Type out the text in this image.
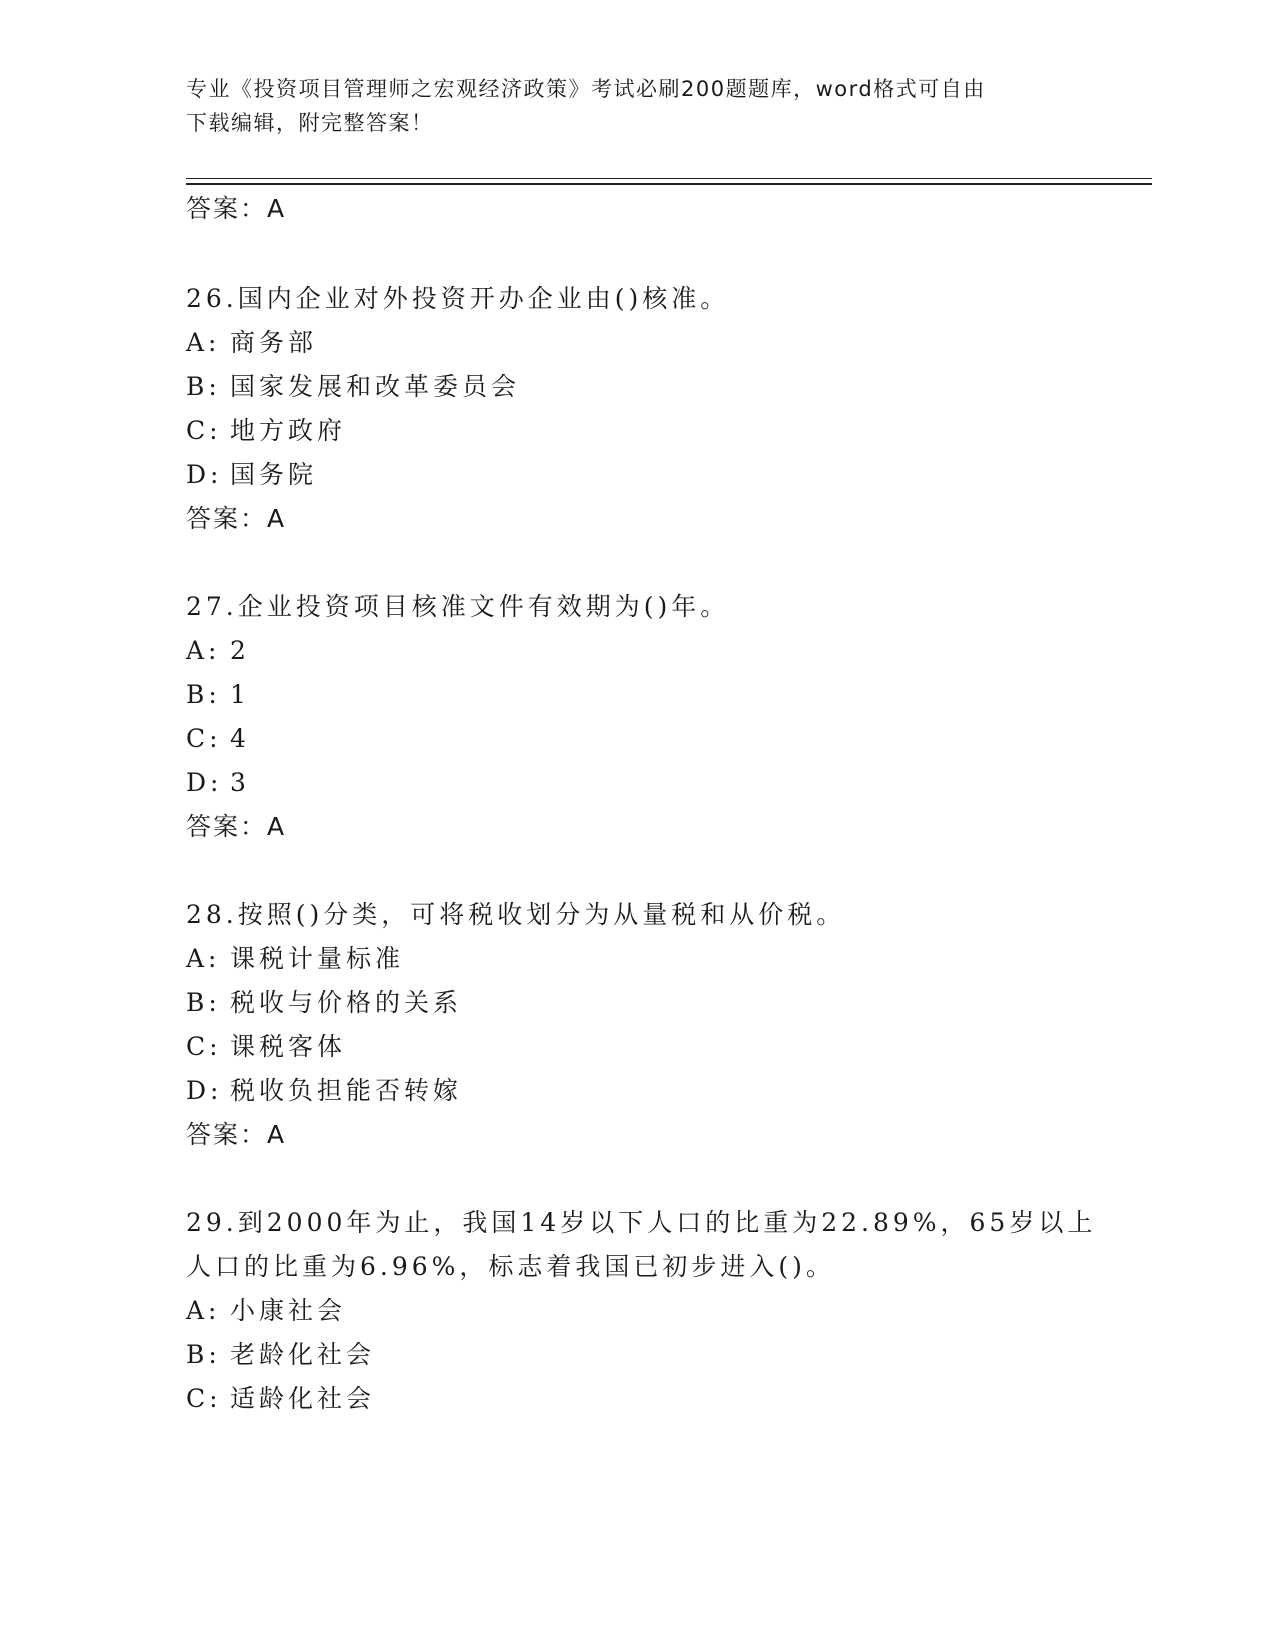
专业《投资项目管理师之宏观经济政策》考试必刷200题题库，word格式可自由
下载编辑，附完整答案！
答案：A
26.国内企业对外投资开办企业由()核准。
A: 商务部
B: 国家发展和改革委员会
C: 地方政府
D: 国务院
答案：A
27.企业投资项目核准文件有效期为()年。
A: 2
B: 1
C: 4
D: 3
答案：A
28.按照()分类，可将税收划分为从量税和从价税。
A: 课税计量标准
B: 税收与价格的关系
C: 课税客体
D: 税收负担能否转嫁
答案：A
29.到2000年为止，我国14岁以下人口的比重为22.89%，65岁以上
人口的比重为6.96%，标志着我国已初步进入()。
A: 小康社会
B: 老龄化社会
C: 适龄化社会
